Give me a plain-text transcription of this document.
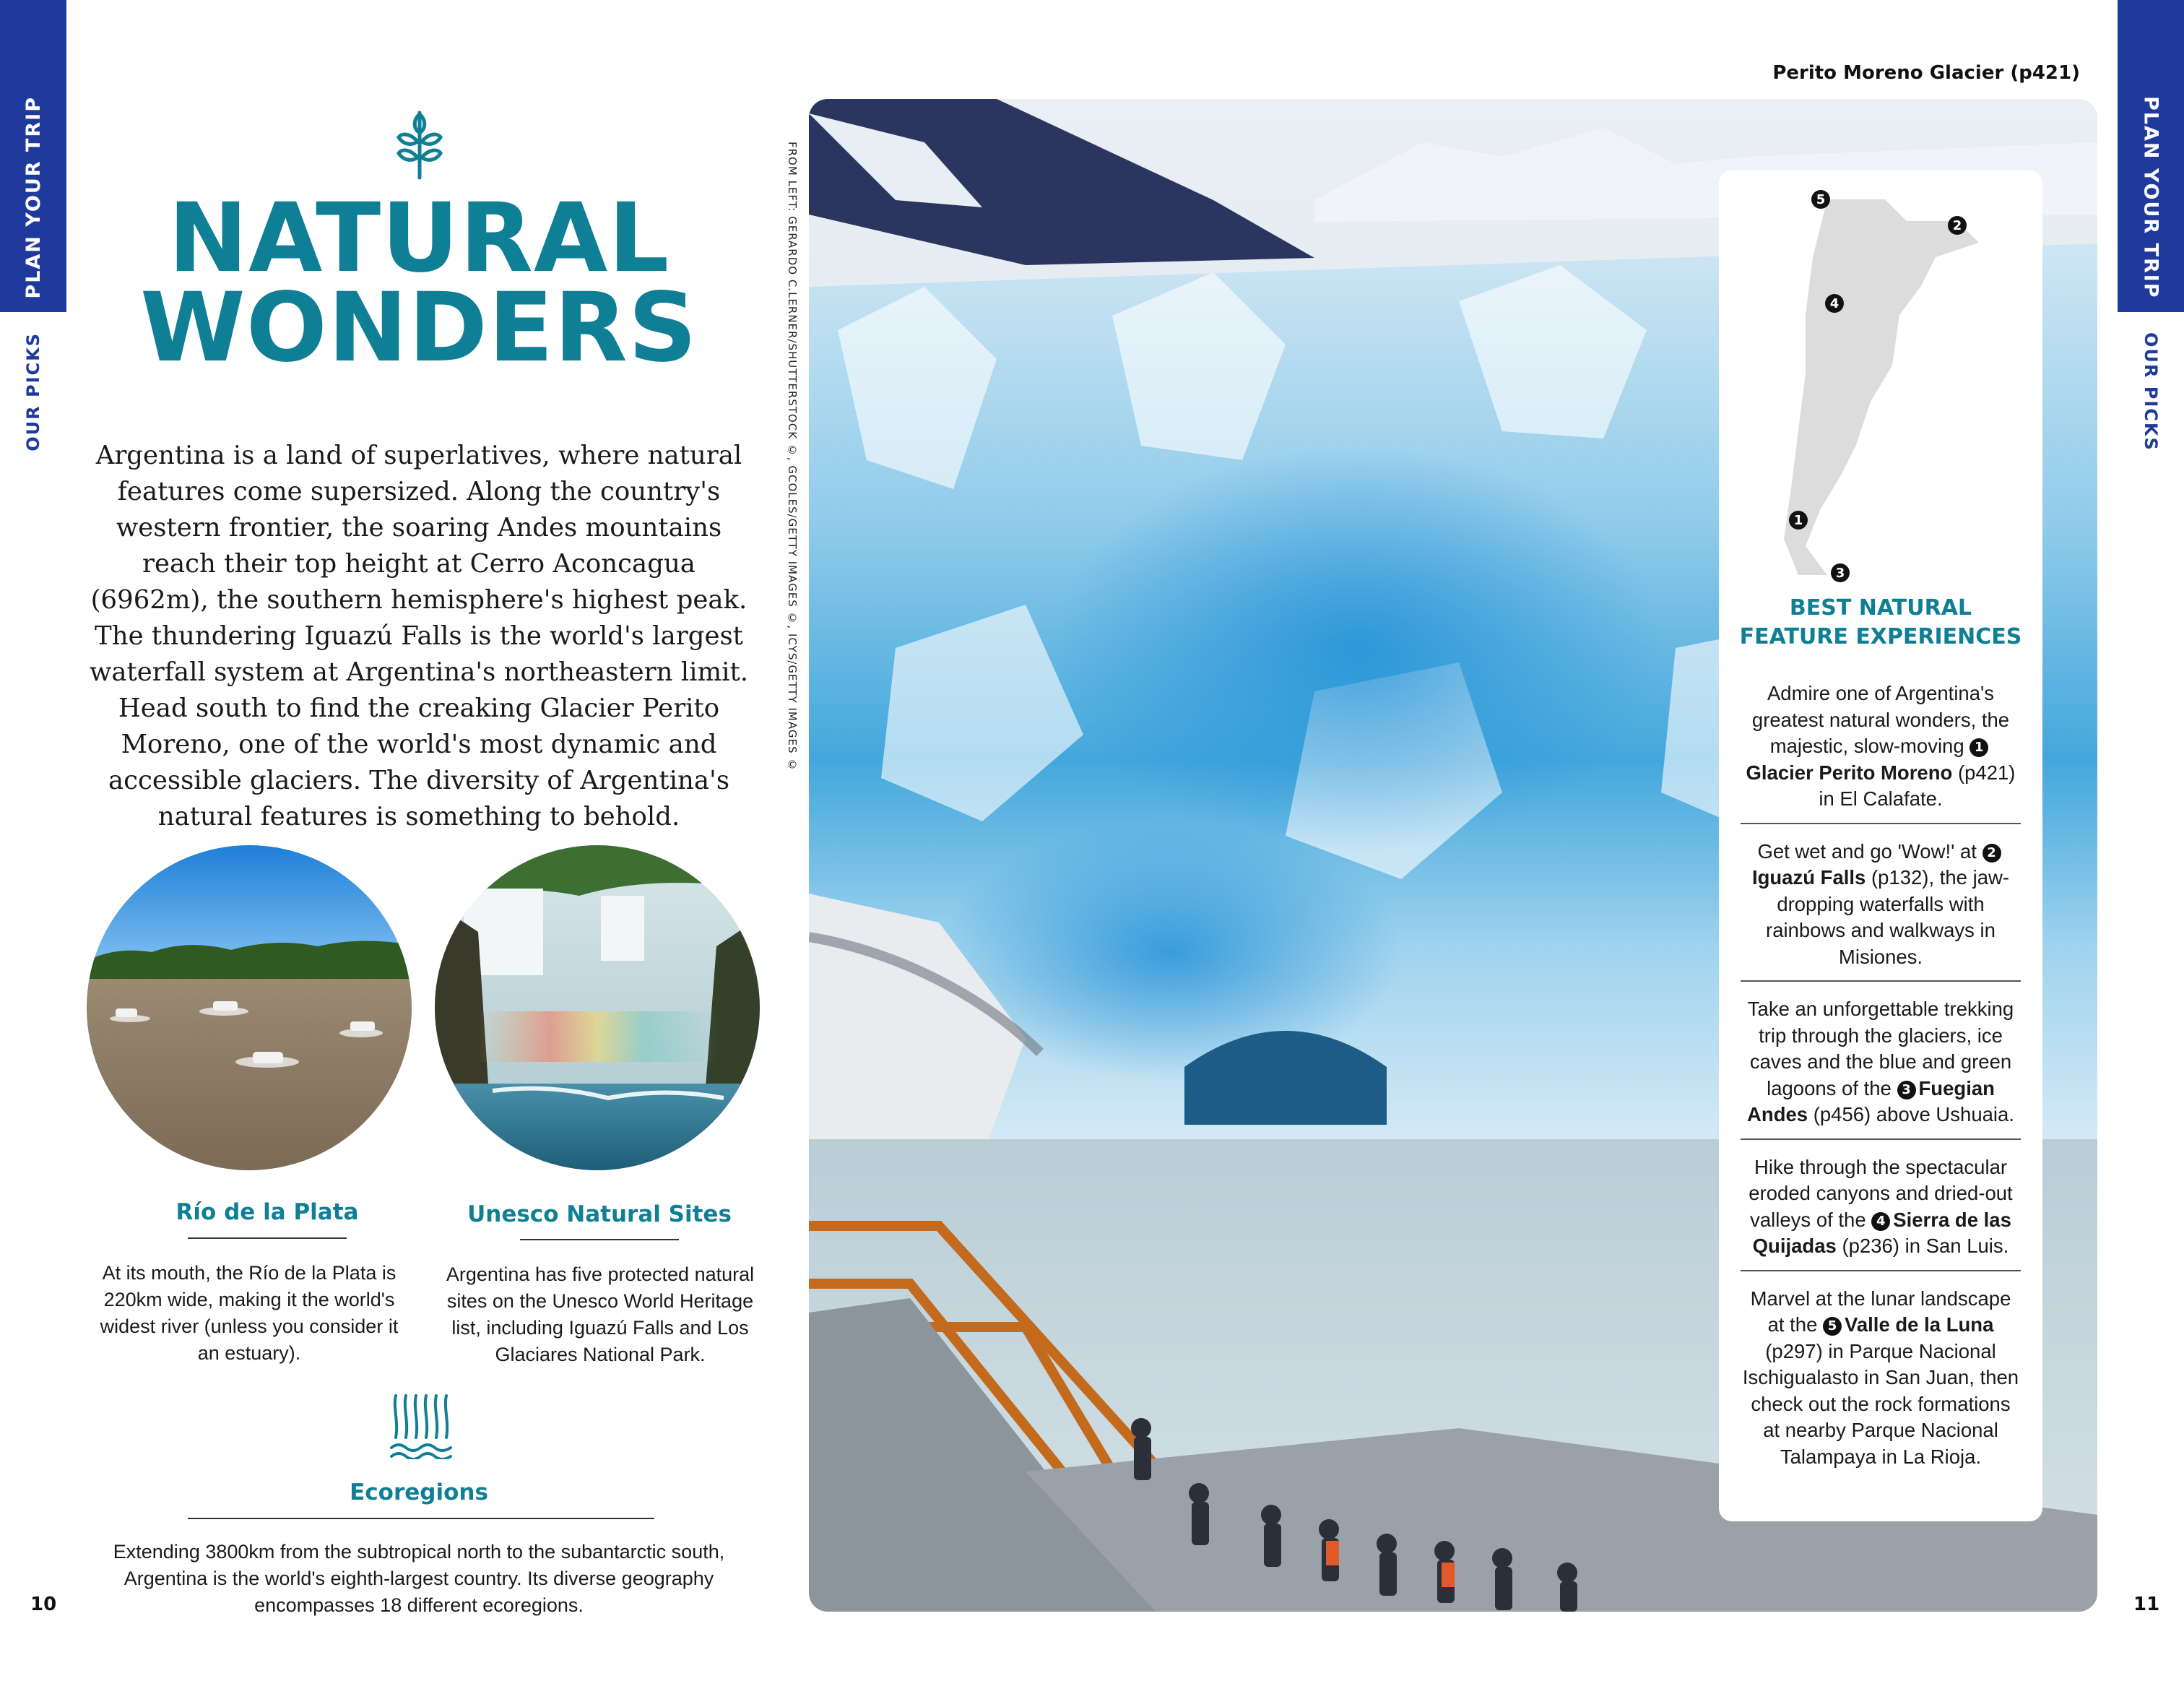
PLAN YOUR TRIP
OUR PICKS
PLAN YOUR TRIP
OUR PICKS
10	11
NATURAL
WONDERS

Argentina is a land of superlatives, where natural features come supersized. Along the country's western frontier, the soaring Andes mountains reach their top height at Cerro Aconcagua (6962m), the southern hemisphere's highest peak. The thundering Iguazú Falls is the world's largest waterfall system at Argentina's northeastern limit. Head south to find the creaking Glacier Perito Moreno, one of the world's most dynamic and accessible glaciers. The diversity of Argentina's natural features is something to behold.

Río de la Plata

At its mouth, the Río de la Plata is 220km wide, making it the world's widest river (unless you consider it an estuary).

Unesco Natural Sites

Argentina has five protected natural sites on the Unesco World Heritage list, including Iguazú Falls and Los Glaciares National Park.

Ecoregions

Extending 3800km from the subtropical north to the subantarctic south, Argentina is the world's eighth-largest country. Its diverse geography encompasses 18 different ecoregions.

FROM LEFT: GERARDO C.LERNER/SHUTTERSTOCK ©, GCOLES/GETTY IMAGES ©, ICYS/GETTY IMAGES ©
Perito Moreno Glacier (p421)
5
2
4
1
3
BEST NATURAL FEATURE EXPERIENCES
Admire one of Argentina's greatest natural wonders, the majestic, slow-moving 1Glacier Perito Moreno (p421) in El Calafate.
Get wet and go 'Wow!' at 2Iguazú Falls (p132), the jaw-dropping waterfalls with rainbows and walkways in Misiones.
Take an unforgettable trekking trip through the glaciers, ice caves and the blue and green lagoons of the 3 Fuegian Andes (p456) above Ushuaia.
Hike through the spectacular eroded canyons and dried-out valleys of the 4 Sierra de las Quijadas (p236) in San Luis.
Marvel at the lunar landscape at the 5 Valle de la Luna (p297) in Parque Nacional Ischigualasto in San Juan, then check out the rock formations at nearby Parque Nacional Talampaya in La Rioja.
